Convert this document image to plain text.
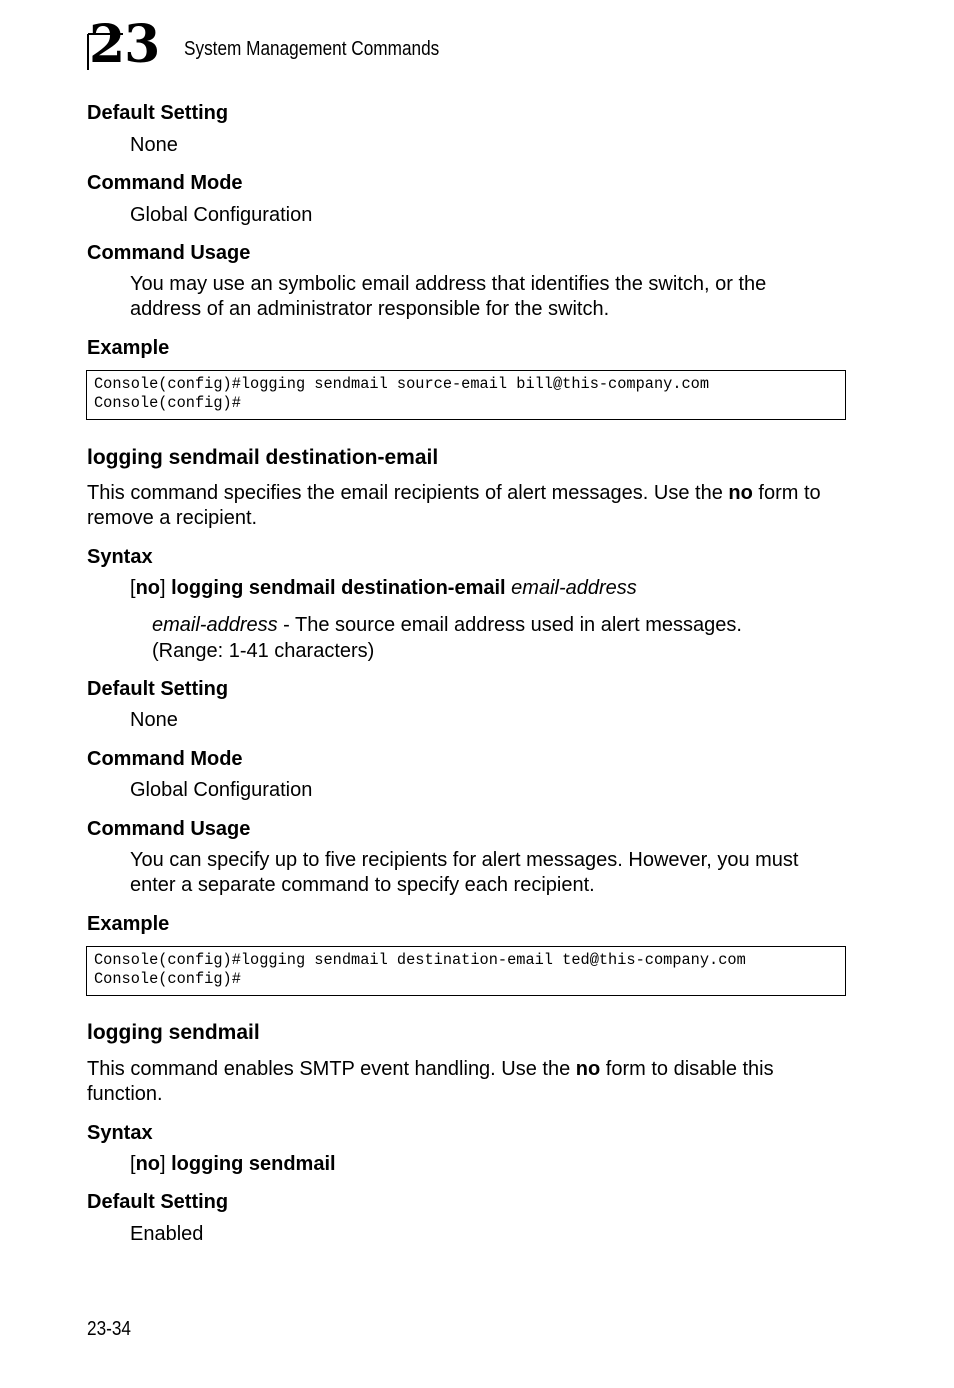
23 System Management Commands
Default Setting
None
Command Mode
Global Configuration
Command Usage
You may use an symbolic email address that identifies the switch, or the
address of an administrator responsible for the switch.
Example
Console(config)#logging sendmail source-email bill@this-company.com
Console(config)#
logging sendmail destination-email
This command specifies the email recipients of alert messages. Use the no form to
remove a recipient.
Syntax
[no] logging sendmail destination-email email-address
email-address - The source email address used in alert messages.
(Range: 1-41 characters)
Default Setting
None
Command Mode
Global Configuration
Command Usage
You can specify up to five recipients for alert messages. However, you must
enter a separate command to specify each recipient.
Example
Console(config)#logging sendmail destination-email ted@this-company.com
Console(config)#
logging sendmail
This command enables SMTP event handling. Use the no form to disable this
function.
Syntax
[no] logging sendmail
Default Setting
Enabled
23-34
